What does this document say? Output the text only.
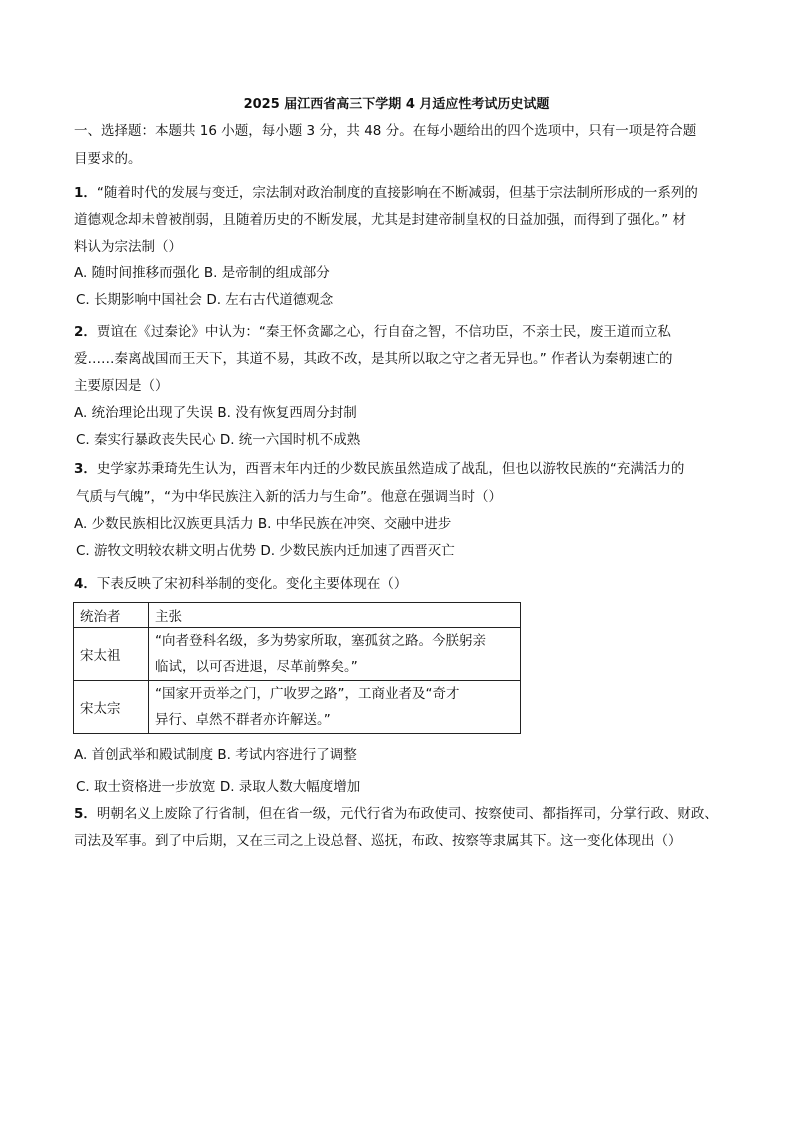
2025 届江西省高三下学期 4 月适应性考试历史试题
一、选择题：本题共 16 小题，每小题 3 分，共 48 分。在每小题给出的四个选项中，只有一项是符合题
目要求的。
1．“随着时代的发展与变迁，宗法制对政治制度的直接影响在不断减弱，但基于宗法制所形成的一系列的
道德观念却未曾被削弱，且随着历史的不断发展，尤其是封建帝制皇权的日益加强，而得到了强化。” 材
料认为宗法制（）
A. 随时间推移而强化 B. 是帝制的组成部分
C. 长期影响中国社会 D. 左右古代道德观念
2．贾谊在《过秦论》中认为：“秦王怀贪鄙之心，行自奋之智，不信功臣，不亲士民，废王道而立私
爱……秦离战国而王天下，其道不易，其政不改，是其所以取之守之者无异也。” 作者认为秦朝速亡的
主要原因是（）
A. 统治理论出现了失误 B. 没有恢复西周分封制
C. 秦实行暴政丧失民心 D. 统一六国时机不成熟
3．史学家苏秉琦先生认为，西晋末年内迁的少数民族虽然造成了战乱，但也以游牧民族的“充满活力的
气质与气魄”，“为中华民族注入新的活力与生命”。他意在强调当时（）
A. 少数民族相比汉族更具活力 B. 中华民族在冲突、交融中进步
C. 游牧文明较农耕文明占优势 D. 少数民族内迁加速了西晋灭亡
4．下表反映了宋初科举制的变化。变化主要体现在（）
统治者	主张
宋太祖	“向者登科名级，多为势家所取，塞孤贫之路。今朕躬亲
临试，以可否进退，尽革前弊矣。”

宋太宗	“国家开贡举之门，广收罗之路”，工商业者及“奇才
异行、卓然不群者亦许解送。”
A. 首创武举和殿试制度 B. 考试内容进行了调整
C. 取士资格进一步放宽 D. 录取人数大幅度增加
5．明朝名义上废除了行省制，但在省一级，元代行省为布政使司、按察使司、都指挥司，分掌行政、财政、
司法及军事。到了中后期，又在三司之上设总督、巡抚，布政、按察等隶属其下。这一变化体现出（）
